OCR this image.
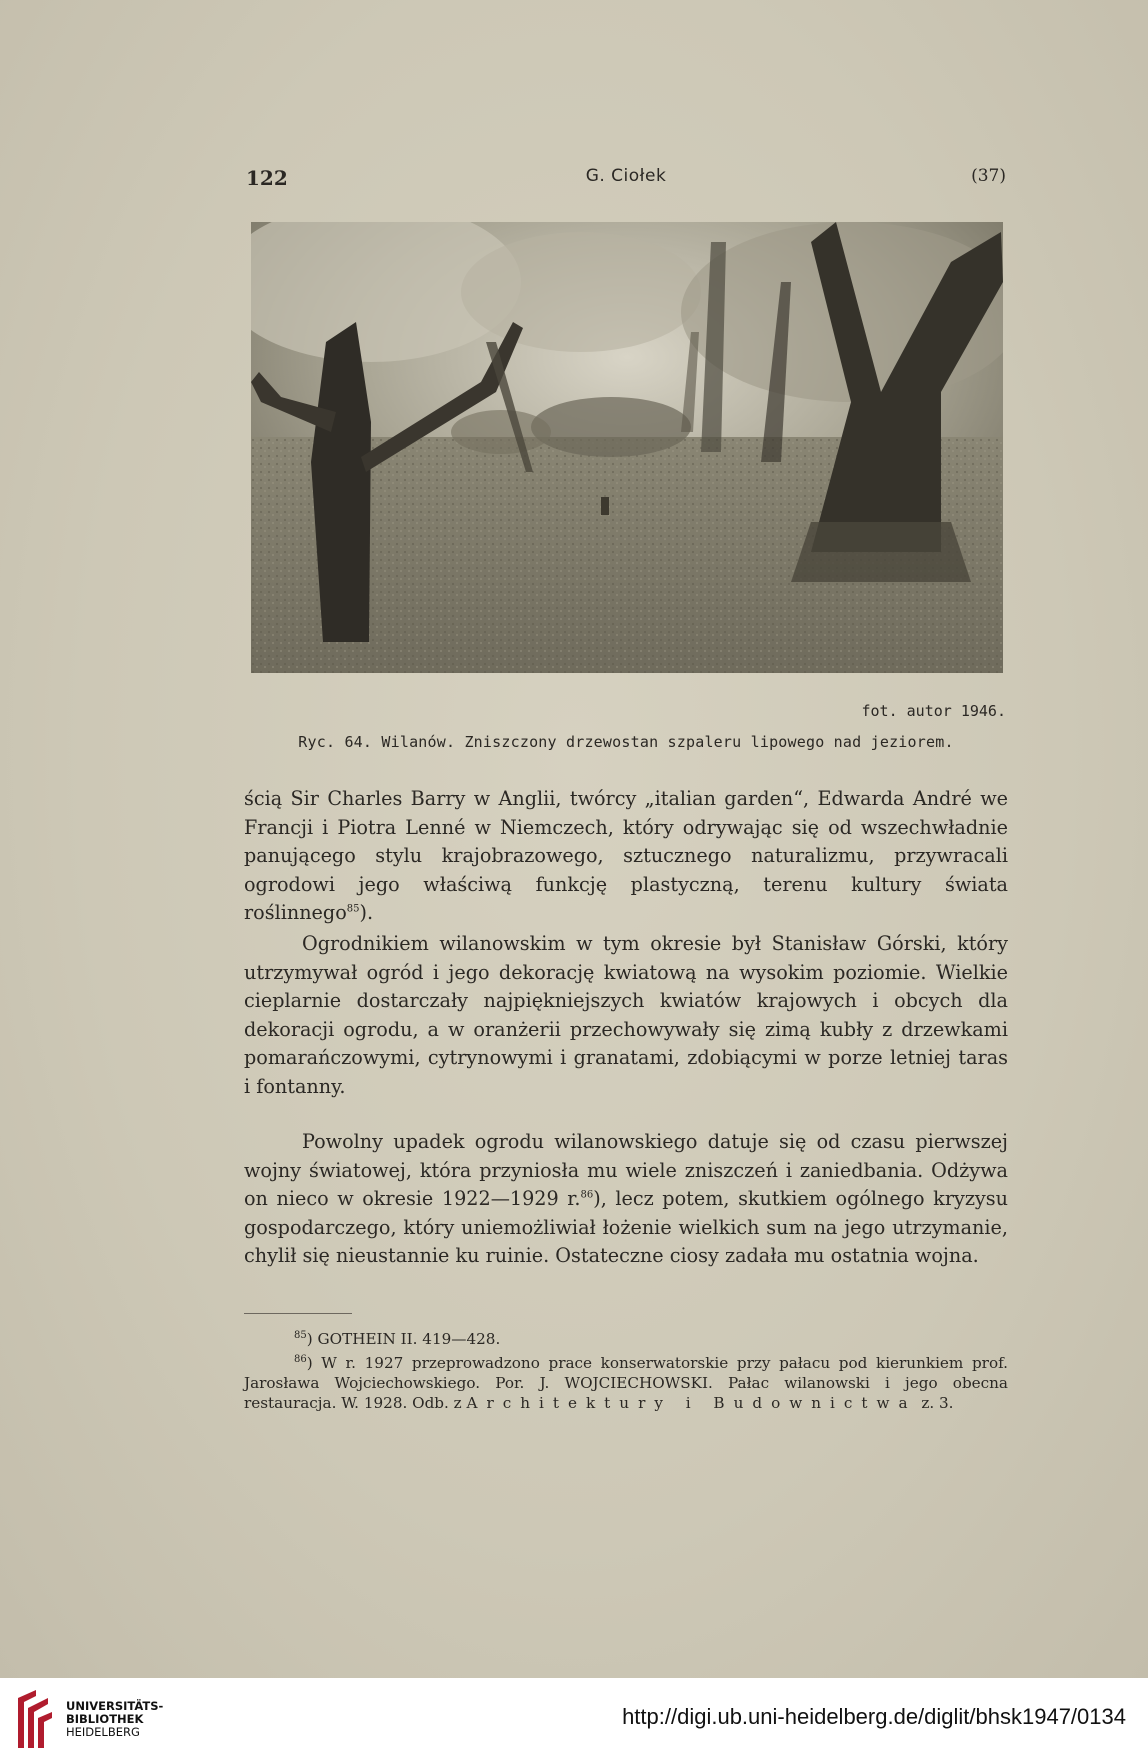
122	G. Ciołek	(37)
fot. autor 1946.
Ryc. 64. Wilanów. Zniszczony drzewostan szpaleru lipowego nad jeziorem.

ścią Sir Charles Barry w Anglii, twórcy „italian garden“, Edwarda André we Francji i Piotra Lenné w Niemczech, który odrywając się od wszechwładnie panującego stylu krajobrazowego, sztucznego naturalizmu, przywracali ogrodowi jego właściwą funkcję plastyczną, terenu kultury świata roślinnego$^{85}$).

Ogrodnikiem wilanowskim w tym okresie był Stanisław Górski, który utrzymywał ogród i jego dekorację kwiatową na wysokim poziomie. Wielkie cieplarnie dostarczały najpiękniejszych kwiatów krajowych i obcych dla dekoracji ogrodu, a w oranżerii przechowywały się zimą kubły z drzewkami pomarańczowymi, cytrynowymi i granatami, zdobiącymi w porze letniej taras i fontanny.

Powolny upadek ogrodu wilanowskiego datuje się od czasu pierwszej wojny światowej, która przyniosła mu wiele zniszczeń i zaniedbania. Odżywa on nieco w okresie 1922—1929 r.$^{86}$), lecz potem, skutkiem ogólnego kryzysu gospodarczego, który uniemożliwiał łożenie wielkich sum na jego utrzymanie, chylił się nieustannie ku ruinie. Ostateczne ciosy zadała mu ostatnia wojna.

$^{85}$) GOTHEIN II. 419—428.

$^{86}$) W r. 1927 przeprowadzono prace konserwatorskie przy pałacu pod kierunkiem prof. Jarosława Wojciechowskiego. Por. J. WOJCIECHOWSKI. Pałac wilanowski i jego obecna restauracja. W. 1928. Odb. z Architektury i Budownictwa z. 3.

UNIVERSITÄTS-
BIBLIOTHEK
HEIDELBERG
http://digi.ub.uni-heidelberg.de/diglit/bhsk1947/0134
